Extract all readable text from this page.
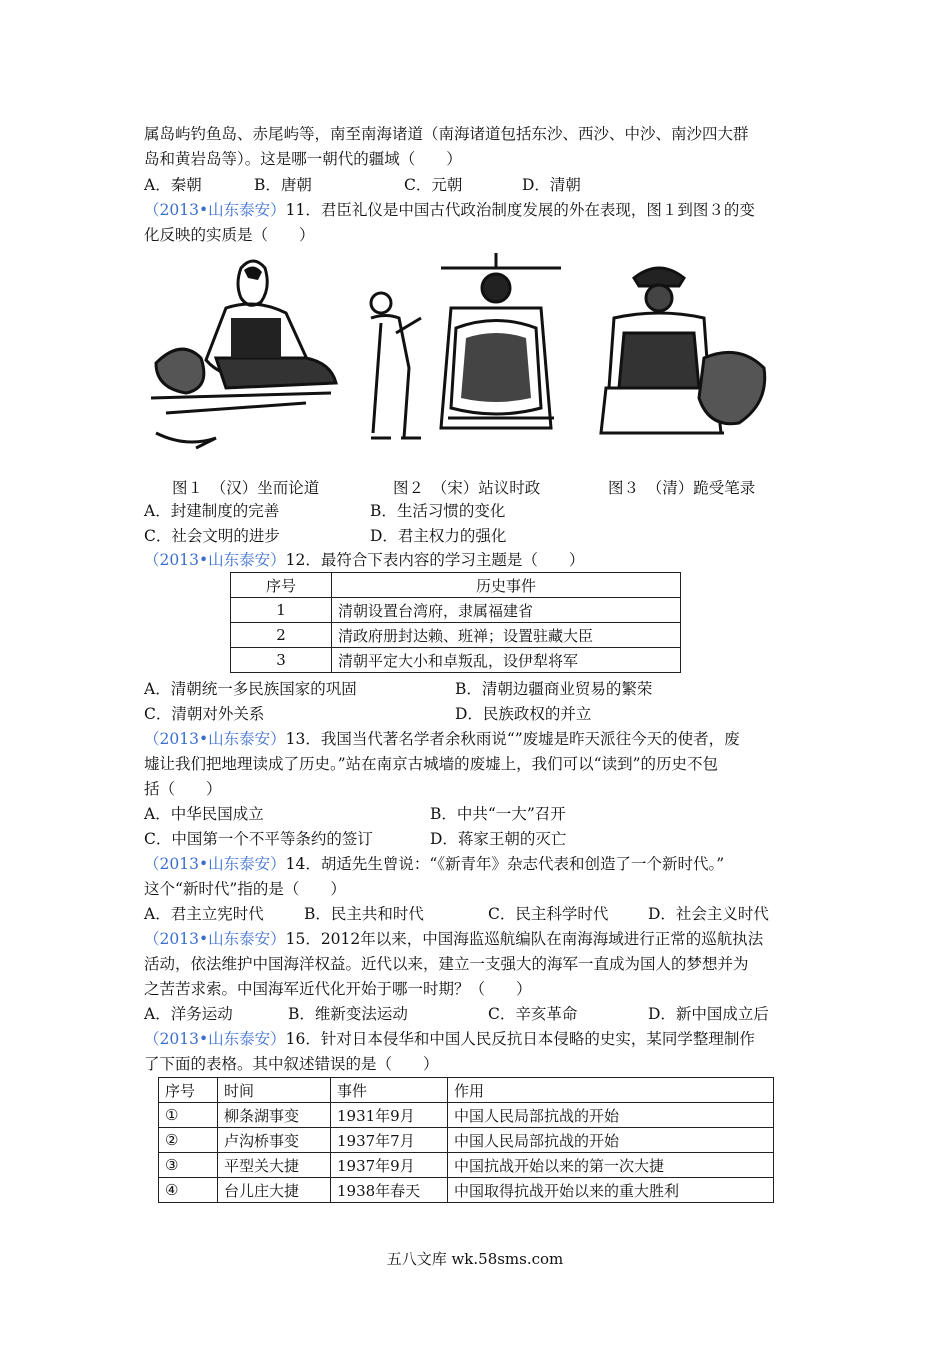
属岛屿钓鱼岛、赤尾屿等，南至南海诸道（南海诸道包括东沙、西沙、中沙、南沙四大群
岛和黄岩岛等）。这是哪一朝代的疆域（　　）
A．秦朝	B．唐朝	C．元朝	D．清朝
（2013•山东泰安）11．君臣礼仪是中国古代政治制度发展的外在表现，图１到图３的变
化反映的实质是（　　）
图１　（汉）坐而论道	图２　（宋）站议时政	图３　（清）跪受笔录
A．封建制度的完善	B．生活习惯的变化
C．社会文明的进步	D．君主权力的强化
（2013•山东泰安）12．最符合下表内容的学习主题是（　　）
序号	历史事件
1	清朝设置台湾府，隶属福建省
2	清政府册封达赖、班禅；设置驻藏大臣
3	清朝平定大小和卓叛乱，设伊犁将军
A．清朝统一多民族国家的巩固	B．清朝边疆商业贸易的繁荣
C．清朝对外关系	D．民族政权的并立
（2013•山东泰安）13．我国当代著名学者余秋雨说“”废墟是昨天派往今天的使者，废
墟让我们把地理读成了历史。”站在南京古城墙的废墟上，我们可以“读到”的历史不包
括（　　）
A．中华民国成立	B．中共“一大”召开
C．中国第一个不平等条约的签订	D．蒋家王朝的灭亡
（2013•山东泰安）14．胡适先生曾说：“《新青年》杂志代表和创造了一个新时代。”
这个“新时代”指的是（　　）
A．君主立宪时代	B．民主共和时代	C．民主科学时代	D．社会主义时代
（2013•山东泰安）15．2012年以来，中国海监巡航编队在南海海域进行正常的巡航执法
活动，依法维护中国海洋权益。近代以来，建立一支强大的海军一直成为国人的梦想并为
之苦苦求索。中国海军近代化开始于哪一时期？（　　）
A．洋务运动	B．维新变法运动	C．辛亥革命	D．新中国成立后
（2013•山东泰安）16．针对日本侵华和中国人民反抗日本侵略的史实，某同学整理制作
了下面的表格。其中叙述错误的是（　　）
序号	时间	事件	作用
①	柳条湖事变	1931年9月	中国人民局部抗战的开始
②	卢沟桥事变	1937年7月	中国人民局部抗战的开始
③	平型关大捷	1937年9月	中国抗战开始以来的第一次大捷
④	台儿庄大捷	1938年春天	中国取得抗战开始以来的重大胜利
五八文库 wk.58sms.com
